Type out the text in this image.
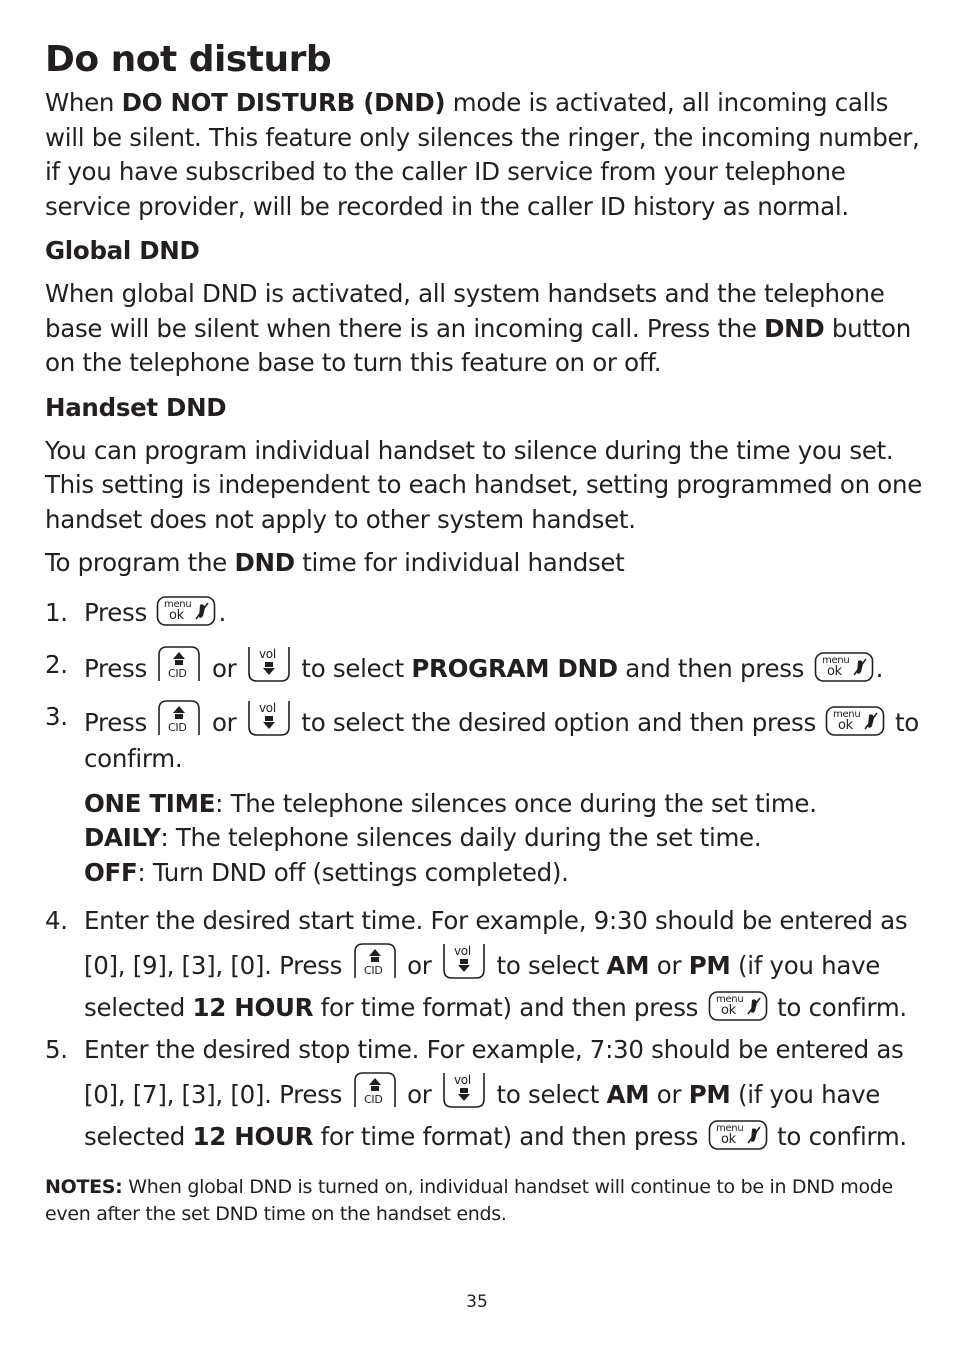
Do not disturb

When DO NOT DISTURB (DND) mode is activated, all incoming calls will be silent. This feature only silences the ringer, the incoming number, if you have subscribed to the caller ID service from your telephone service provider, will be recorded in the caller ID history as normal.

Global DND

When global DND is activated, all system handsets and the telephone base will be silent when there is an incoming call. Press the DND button on the telephone base to turn this feature on or off.

Handset DND

You can program individual handset to silence during the time you set. This setting is independent to each handset, setting programmed on one handset does not apply to other system handset.

To program the DND time for individual handset

1. Press menu
ok .
2. Press CID or vol to select PROGRAM DND and then press menu
ok .
3. Press CID or vol to select the desired option and then press menu
ok to confirm.
ONE TIME: The telephone silences once during the set time.
DAILY: The telephone silences daily during the set time.
OFF: Turn DND off (settings completed).
4. Enter the desired start time. For example, 9:30 should be entered as [0], [9], [3], [0]. Press CID or vol to select AM or PM (if you have selected 12 HOUR for time format) and then press menu
ok to confirm.
5. Enter the desired stop time. For example, 7:30 should be entered as [0], [7], [3], [0]. Press CID or vol to select AM or PM (if you have selected 12 HOUR for time format) and then press menu
ok to confirm.

NOTES: When global DND is turned on, individual handset will continue to be in DND mode even after the set DND time on the handset ends.

35
